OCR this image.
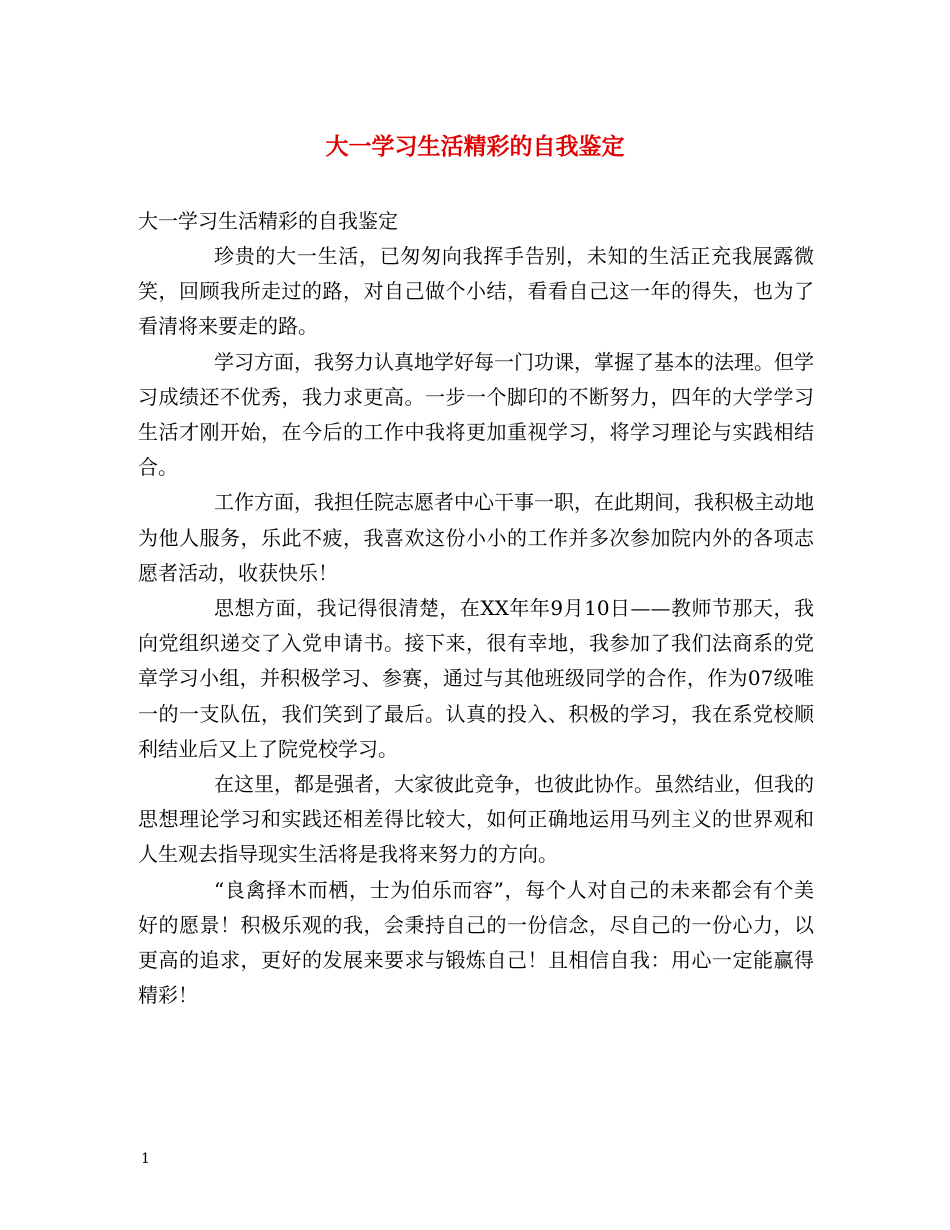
大一学习生活精彩的自我鉴定

大一学习生活精彩的自我鉴定

珍贵的大一生活，已匆匆向我挥手告别，未知的生活正充我展露微笑，回顾我所走过的路，对自己做个小结，看看自己这一年的得失，也为了看清将来要走的路。

学习方面，我努力认真地学好每一门功课，掌握了基本的法理。但学习成绩还不优秀，我力求更高。一步一个脚印的不断努力，四年的大学学习生活才刚开始，在今后的工作中我将更加重视学习，将学习理论与实践相结合。

工作方面，我担任院志愿者中心干事一职，在此期间，我积极主动地为他人服务，乐此不疲，我喜欢这份小小的工作并多次参加院内外的各项志愿者活动，收获快乐！

思想方面，我记得很清楚，在XX年年9月10日——教师节那天，我向党组织递交了入党申请书。接下来，很有幸地，我参加了我们法商系的党章学习小组，并积极学习、参赛，通过与其他班级同学的合作，作为07级唯一的一支队伍，我们笑到了最后。认真的投入、积极的学习，我在系党校顺利结业后又上了院党校学习。

在这里，都是强者，大家彼此竞争，也彼此协作。虽然结业，但我的思想理论学习和实践还相差得比较大，如何正确地运用马列主义的世界观和人生观去指导现实生活将是我将来努力的方向。

“良禽择木而栖，士为伯乐而容”，每个人对自己的未来都会有个美好的愿景！积极乐观的我，会秉持自己的一份信念，尽自己的一份心力，以更高的追求，更好的发展来要求与锻炼自己！且相信自我：用心一定能赢得精彩！

1
